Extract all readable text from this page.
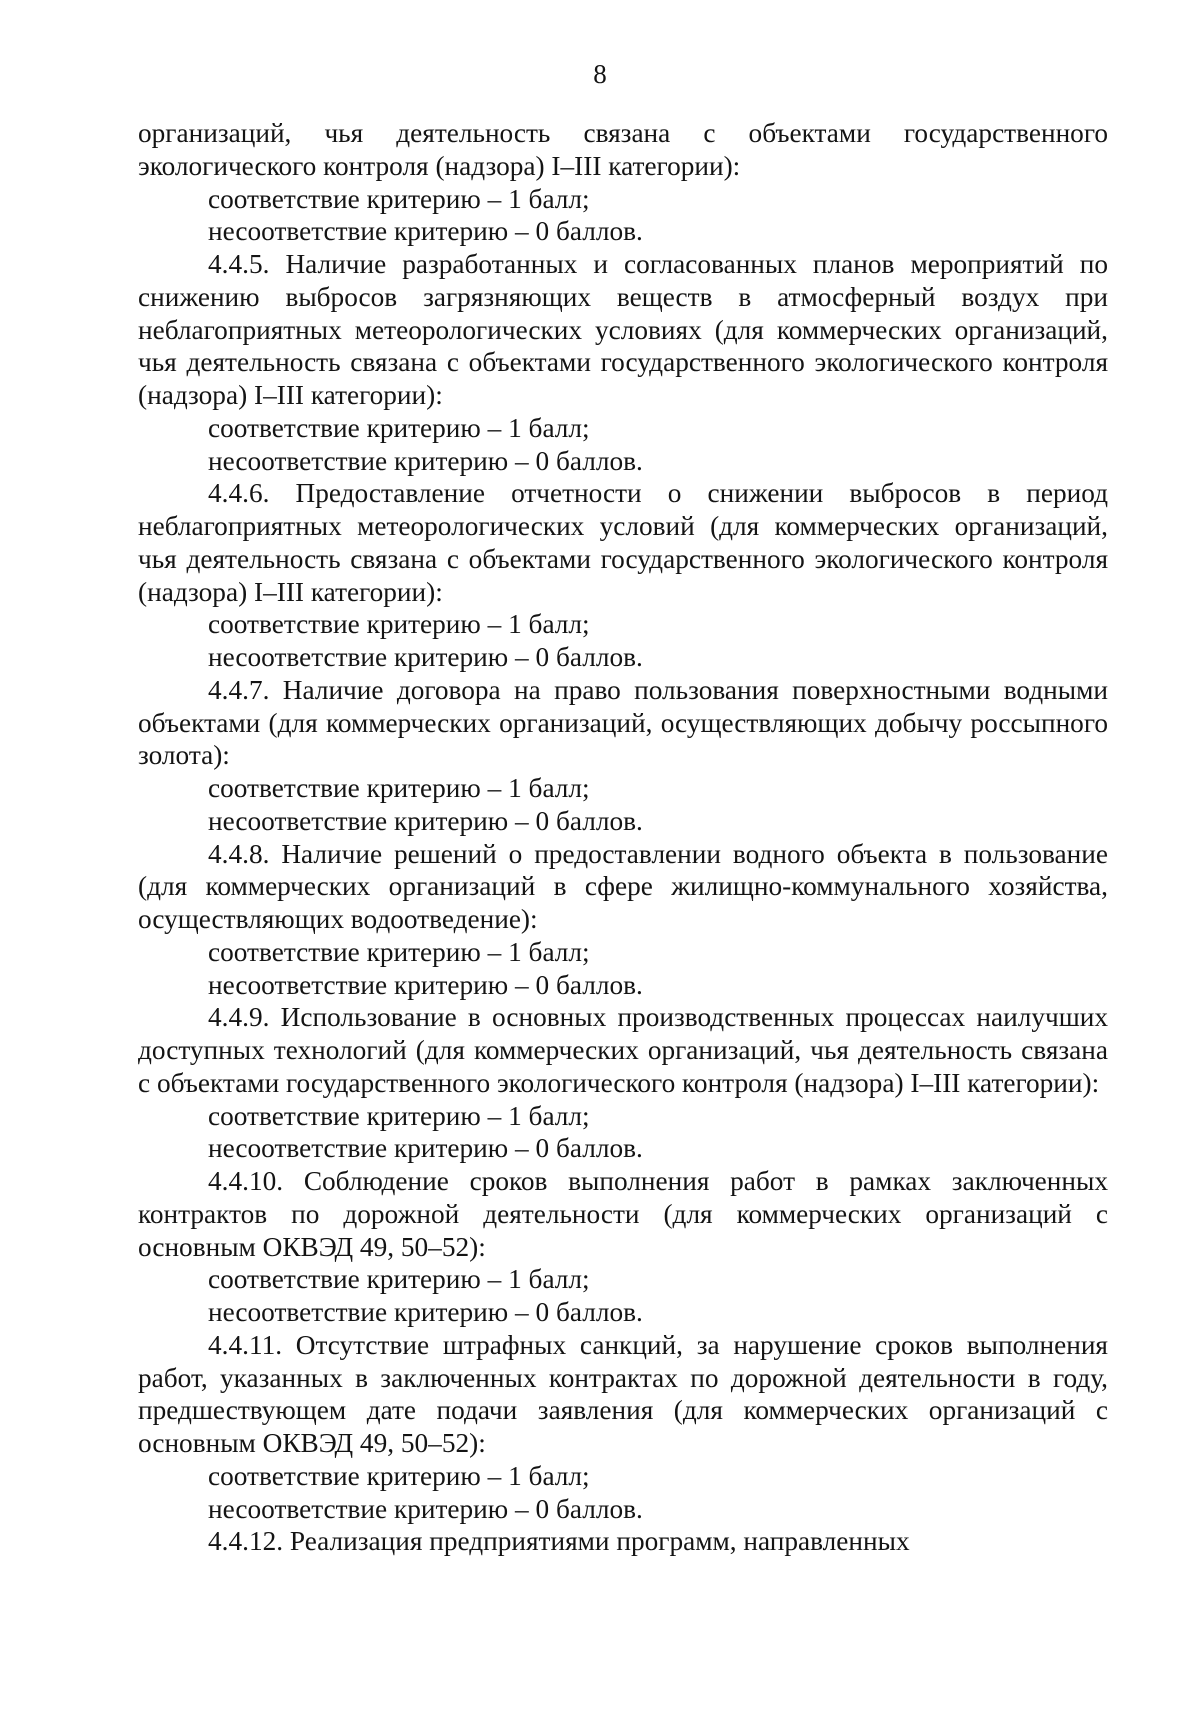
8

организаций, чья деятельность связана с объектами государственного экологического контроля (надзора) I–III категории):

соответствие критерию – 1 балл;

несоответствие критерию – 0 баллов.

4.4.5. Наличие разработанных и согласованных планов мероприятий по снижению выбросов загрязняющих веществ в атмосферный воздух при неблагоприятных метеорологических условиях (для коммерческих организаций, чья деятельность связана с объектами государственного экологического контроля (надзора) I–III категории):

соответствие критерию – 1 балл;

несоответствие критерию – 0 баллов.

4.4.6. Предоставление отчетности о снижении выбросов в период неблагоприятных метеорологических условий (для коммерческих организаций, чья деятельность связана с объектами государственного экологического контроля (надзора) I–III категории):

соответствие критерию – 1 балл;

несоответствие критерию – 0 баллов.

4.4.7. Наличие договора на право пользования поверхностными водными объектами (для коммерческих организаций, осуществляющих добычу россыпного золота):

соответствие критерию – 1 балл;

несоответствие критерию – 0 баллов.

4.4.8. Наличие решений о предоставлении водного объекта в пользование (для коммерческих организаций в сфере жилищно-коммунального хозяйства, осуществляющих водоотведение):

соответствие критерию – 1 балл;

несоответствие критерию – 0 баллов.

4.4.9. Использование в основных производственных процессах наилучших доступных технологий (для коммерческих организаций, чья деятельность связана с объектами государственного экологического контроля (надзора) I–III категории):

соответствие критерию – 1 балл;

несоответствие критерию – 0 баллов.

4.4.10. Соблюдение сроков выполнения работ в рамках заключенных контрактов по дорожной деятельности (для коммерческих организаций с основным ОКВЭД 49, 50–52):

соответствие критерию – 1 балл;

несоответствие критерию – 0 баллов.

4.4.11. Отсутствие штрафных санкций, за нарушение сроков выполнения работ, указанных в заключенных контрактах по дорожной деятельности в году, предшествующем дате подачи заявления (для коммерческих организаций с основным ОКВЭД 49, 50–52):

соответствие критерию – 1 балл;

несоответствие критерию – 0 баллов.

4.4.12. Реализация предприятиями программ, направленных
